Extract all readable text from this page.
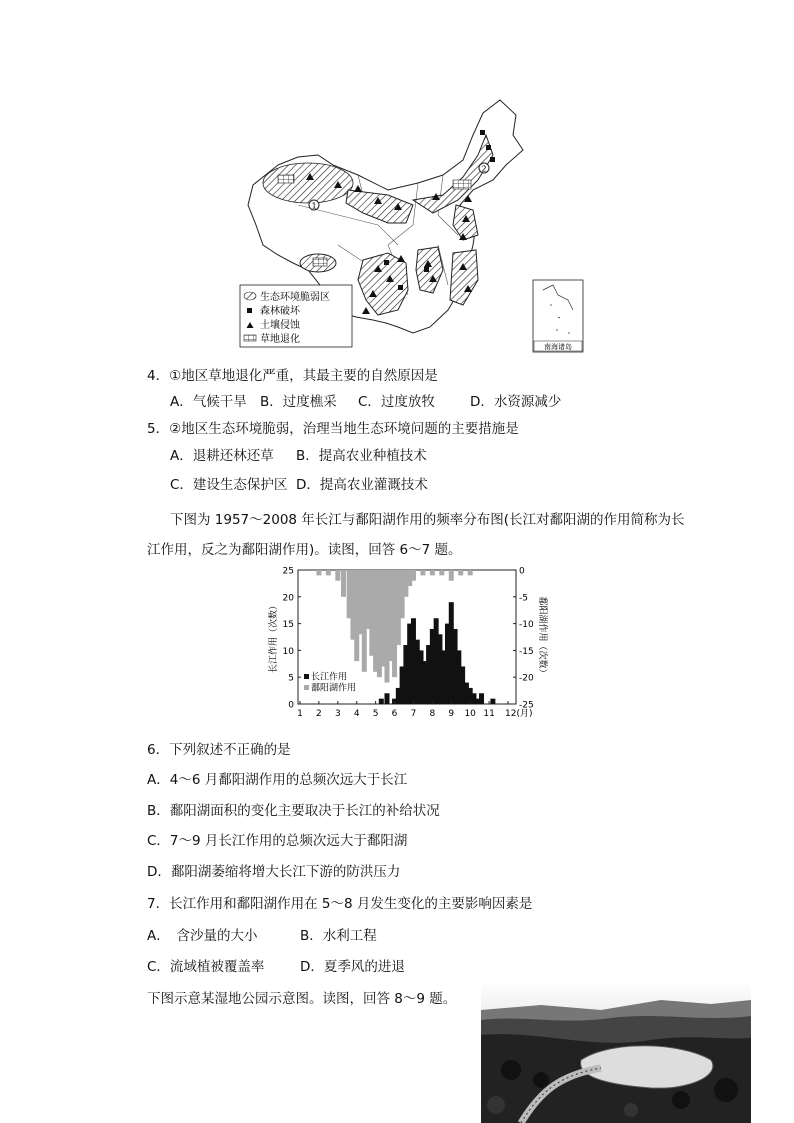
1
2
生态环境脆弱区
森林破坏
土壤侵蚀
草地退化
南海诸岛
4．①地区草地退化严重，其最主要的自然原因是
A．气候干旱 B．过度樵采 C．过度放牧	D．水资源减少
5．②地区生态环境脆弱，治理当地生态环境问题的主要措施是
A．退耕还林还草 B．提高农业种植技术
C．建设生态保护区 D．提高农业灌溉技术
下图为 1957～2008 年长江与鄱阳湖作用的频率分布图(长江对鄱阳湖的作用简称为长
江作用，反之为鄱阳湖作用)。读图，回答 6～7 题。
0
5
10
15
20
25	0
-5
-10
-15
-20
-25
1 2 3 4 5 6 7 8 9 10 11 12(月)
长江作用（次数）	鄱阳湖作用（次数）
长江作用
鄱阳湖作用
6．下列叙述不正确的是
A．4～6 月鄱阳湖作用的总频次远大于长江
B．鄱阳湖面积的变化主要取决于长江的补给状况
C．7～9 月长江作用的总频次远大于鄱阳湖
D．鄱阳湖萎缩将增大长江下游的防洪压力
7．长江作用和鄱阳湖作用在 5～8 月发生变化的主要影响因素是
A．　含沙量的大小	B．水利工程
C．流域植被覆盖率	D．夏季风的进退
下图示意某湿地公园示意图。读图，回答 8～9 题。
